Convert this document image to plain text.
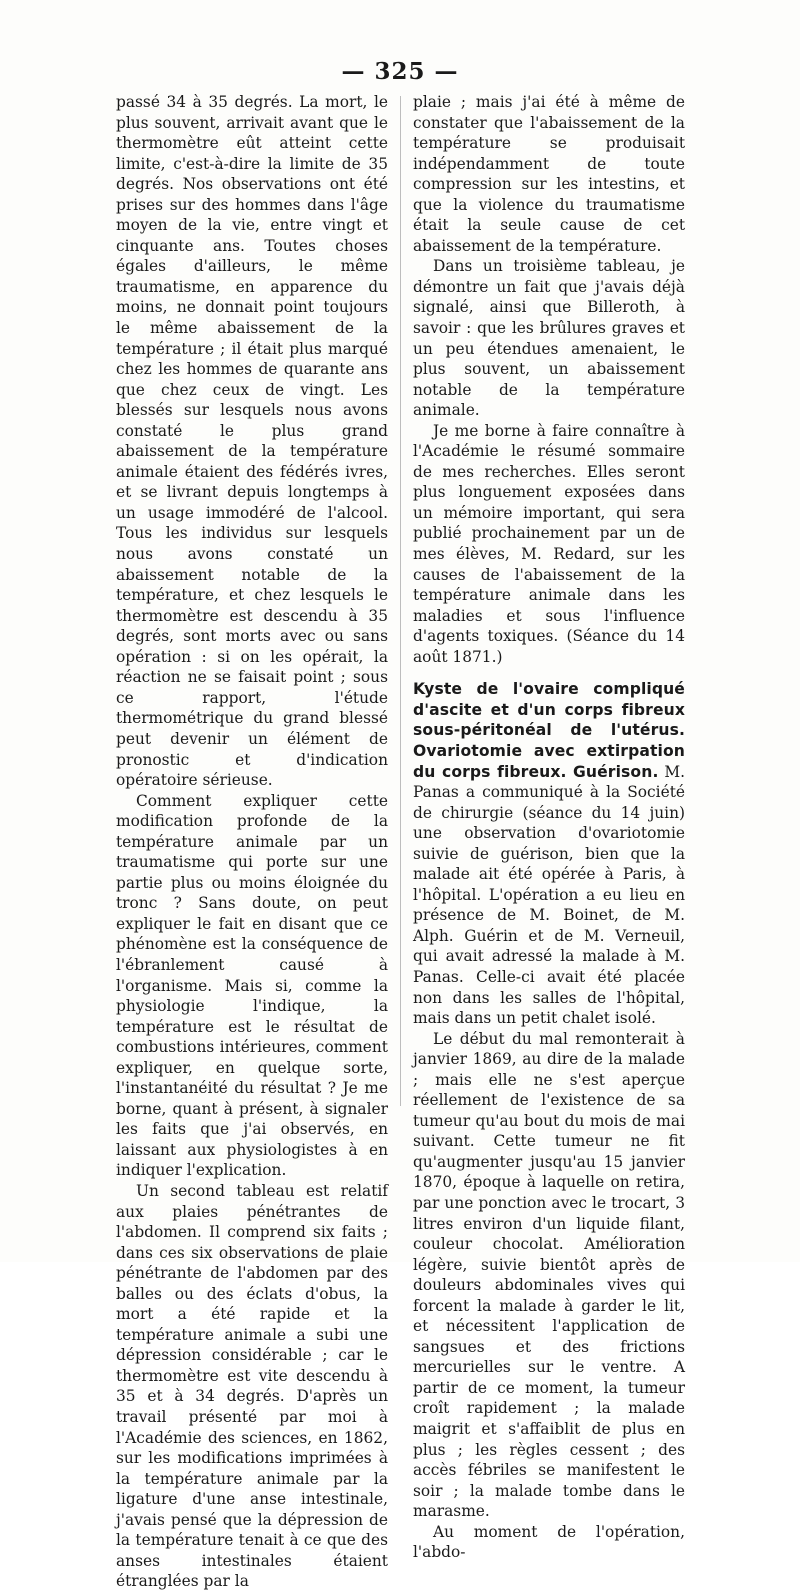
— 325 —

passé 34 à 35 degrés. La mort, le plus souvent, arrivait avant que le thermomètre eût atteint cette limite, c'est-à-dire la limite de 35 degrés. Nos observations ont été prises sur des hommes dans l'âge moyen de la vie, entre vingt et cinquante ans. Toutes choses égales d'ailleurs, le même traumatisme, en apparence du moins, ne donnait point toujours le même abaissement de la température ; il était plus marqué chez les hommes de quarante ans que chez ceux de vingt. Les blessés sur lesquels nous avons constaté le plus grand abaissement de la température animale étaient des fédérés ivres, et se livrant depuis longtemps à un usage immodéré de l'alcool. Tous les individus sur lesquels nous avons constaté un abaissement notable de la température, et chez lesquels le thermomètre est descendu à 35 degrés, sont morts avec ou sans opération : si on les opérait, la réaction ne se faisait point ; sous ce rapport, l'étude thermométrique du grand blessé peut devenir un élément de pronostic et d'indication opératoire sérieuse.

Comment expliquer cette modification profonde de la température animale par un traumatisme qui porte sur une partie plus ou moins éloignée du tronc ? Sans doute, on peut expliquer le fait en disant que ce phénomène est la conséquence de l'ébranlement causé à l'organisme. Mais si, comme la physiologie l'indique, la température est le résultat de combustions intérieures, comment expliquer, en quelque sorte, l'instantanéité du résultat ? Je me borne, quant à présent, à signaler les faits que j'ai observés, en laissant aux physiologistes à en indiquer l'explication.

Un second tableau est relatif aux plaies pénétrantes de l'abdomen. Il comprend six faits ; dans ces six observations de plaie pénétrante de l'abdomen par des balles ou des éclats d'obus, la mort a été rapide et la température animale a subi une dépression considérable ; car le thermomètre est vite descendu à 35 et à 34 degrés. D'après un travail présenté par moi à l'Académie des sciences, en 1862, sur les modifications imprimées à la température animale par la ligature d'une anse intestinale, j'avais pensé que la dépression de la température tenait à ce que des anses intestinales étaient étranglées par la

plaie ; mais j'ai été à même de constater que l'abaissement de la température se produisait indépendamment de toute compression sur les intestins, et que la violence du traumatisme était la seule cause de cet abaissement de la température.

Dans un troisième tableau, je démontre un fait que j'avais déjà signalé, ainsi que Billeroth, à savoir : que les brûlures graves et un peu étendues amenaient, le plus souvent, un abaissement notable de la température animale.

Je me borne à faire connaître à l'Académie le résumé sommaire de mes recherches. Elles seront plus longuement exposées dans un mémoire important, qui sera publié prochainement par un de mes élèves, M. Redard, sur les causes de l'abaissement de la température animale dans les maladies et sous l'influence d'agents toxiques. (Séance du 14 août 1871.)

Kyste de l'ovaire compliqué d'ascite et d'un corps fibreux sous-péritonéal de l'utérus. Ovariotomie avec extirpation du corps fibreux. Guérison. M. Panas a communiqué à la Société de chirurgie (séance du 14 juin) une observation d'ovariotomie suivie de guérison, bien que la malade ait été opérée à Paris, à l'hôpital. L'opération a eu lieu en présence de M. Boinet, de M. Alph. Guérin et de M. Verneuil, qui avait adressé la malade à M. Panas. Celle-ci avait été placée non dans les salles de l'hôpital, mais dans un petit chalet isolé.

Le début du mal remonterait à janvier 1869, au dire de la malade ; mais elle ne s'est aperçue réellement de l'existence de sa tumeur qu'au bout du mois de mai suivant. Cette tumeur ne fit qu'augmenter jusqu'au 15 janvier 1870, époque à laquelle on retira, par une ponction avec le trocart, 3 litres environ d'un liquide filant, couleur chocolat. Amélioration légère, suivie bientôt après de douleurs abdominales vives qui forcent la malade à garder le lit, et nécessitent l'application de sangsues et des frictions mercurielles sur le ventre. A partir de ce moment, la tumeur croît rapidement ; la malade maigrit et s'affaiblit de plus en plus ; les règles cessent ; des accès fébriles se manifestent le soir ; la malade tombe dans le marasme.

Au moment de l'opération, l'abdo-
